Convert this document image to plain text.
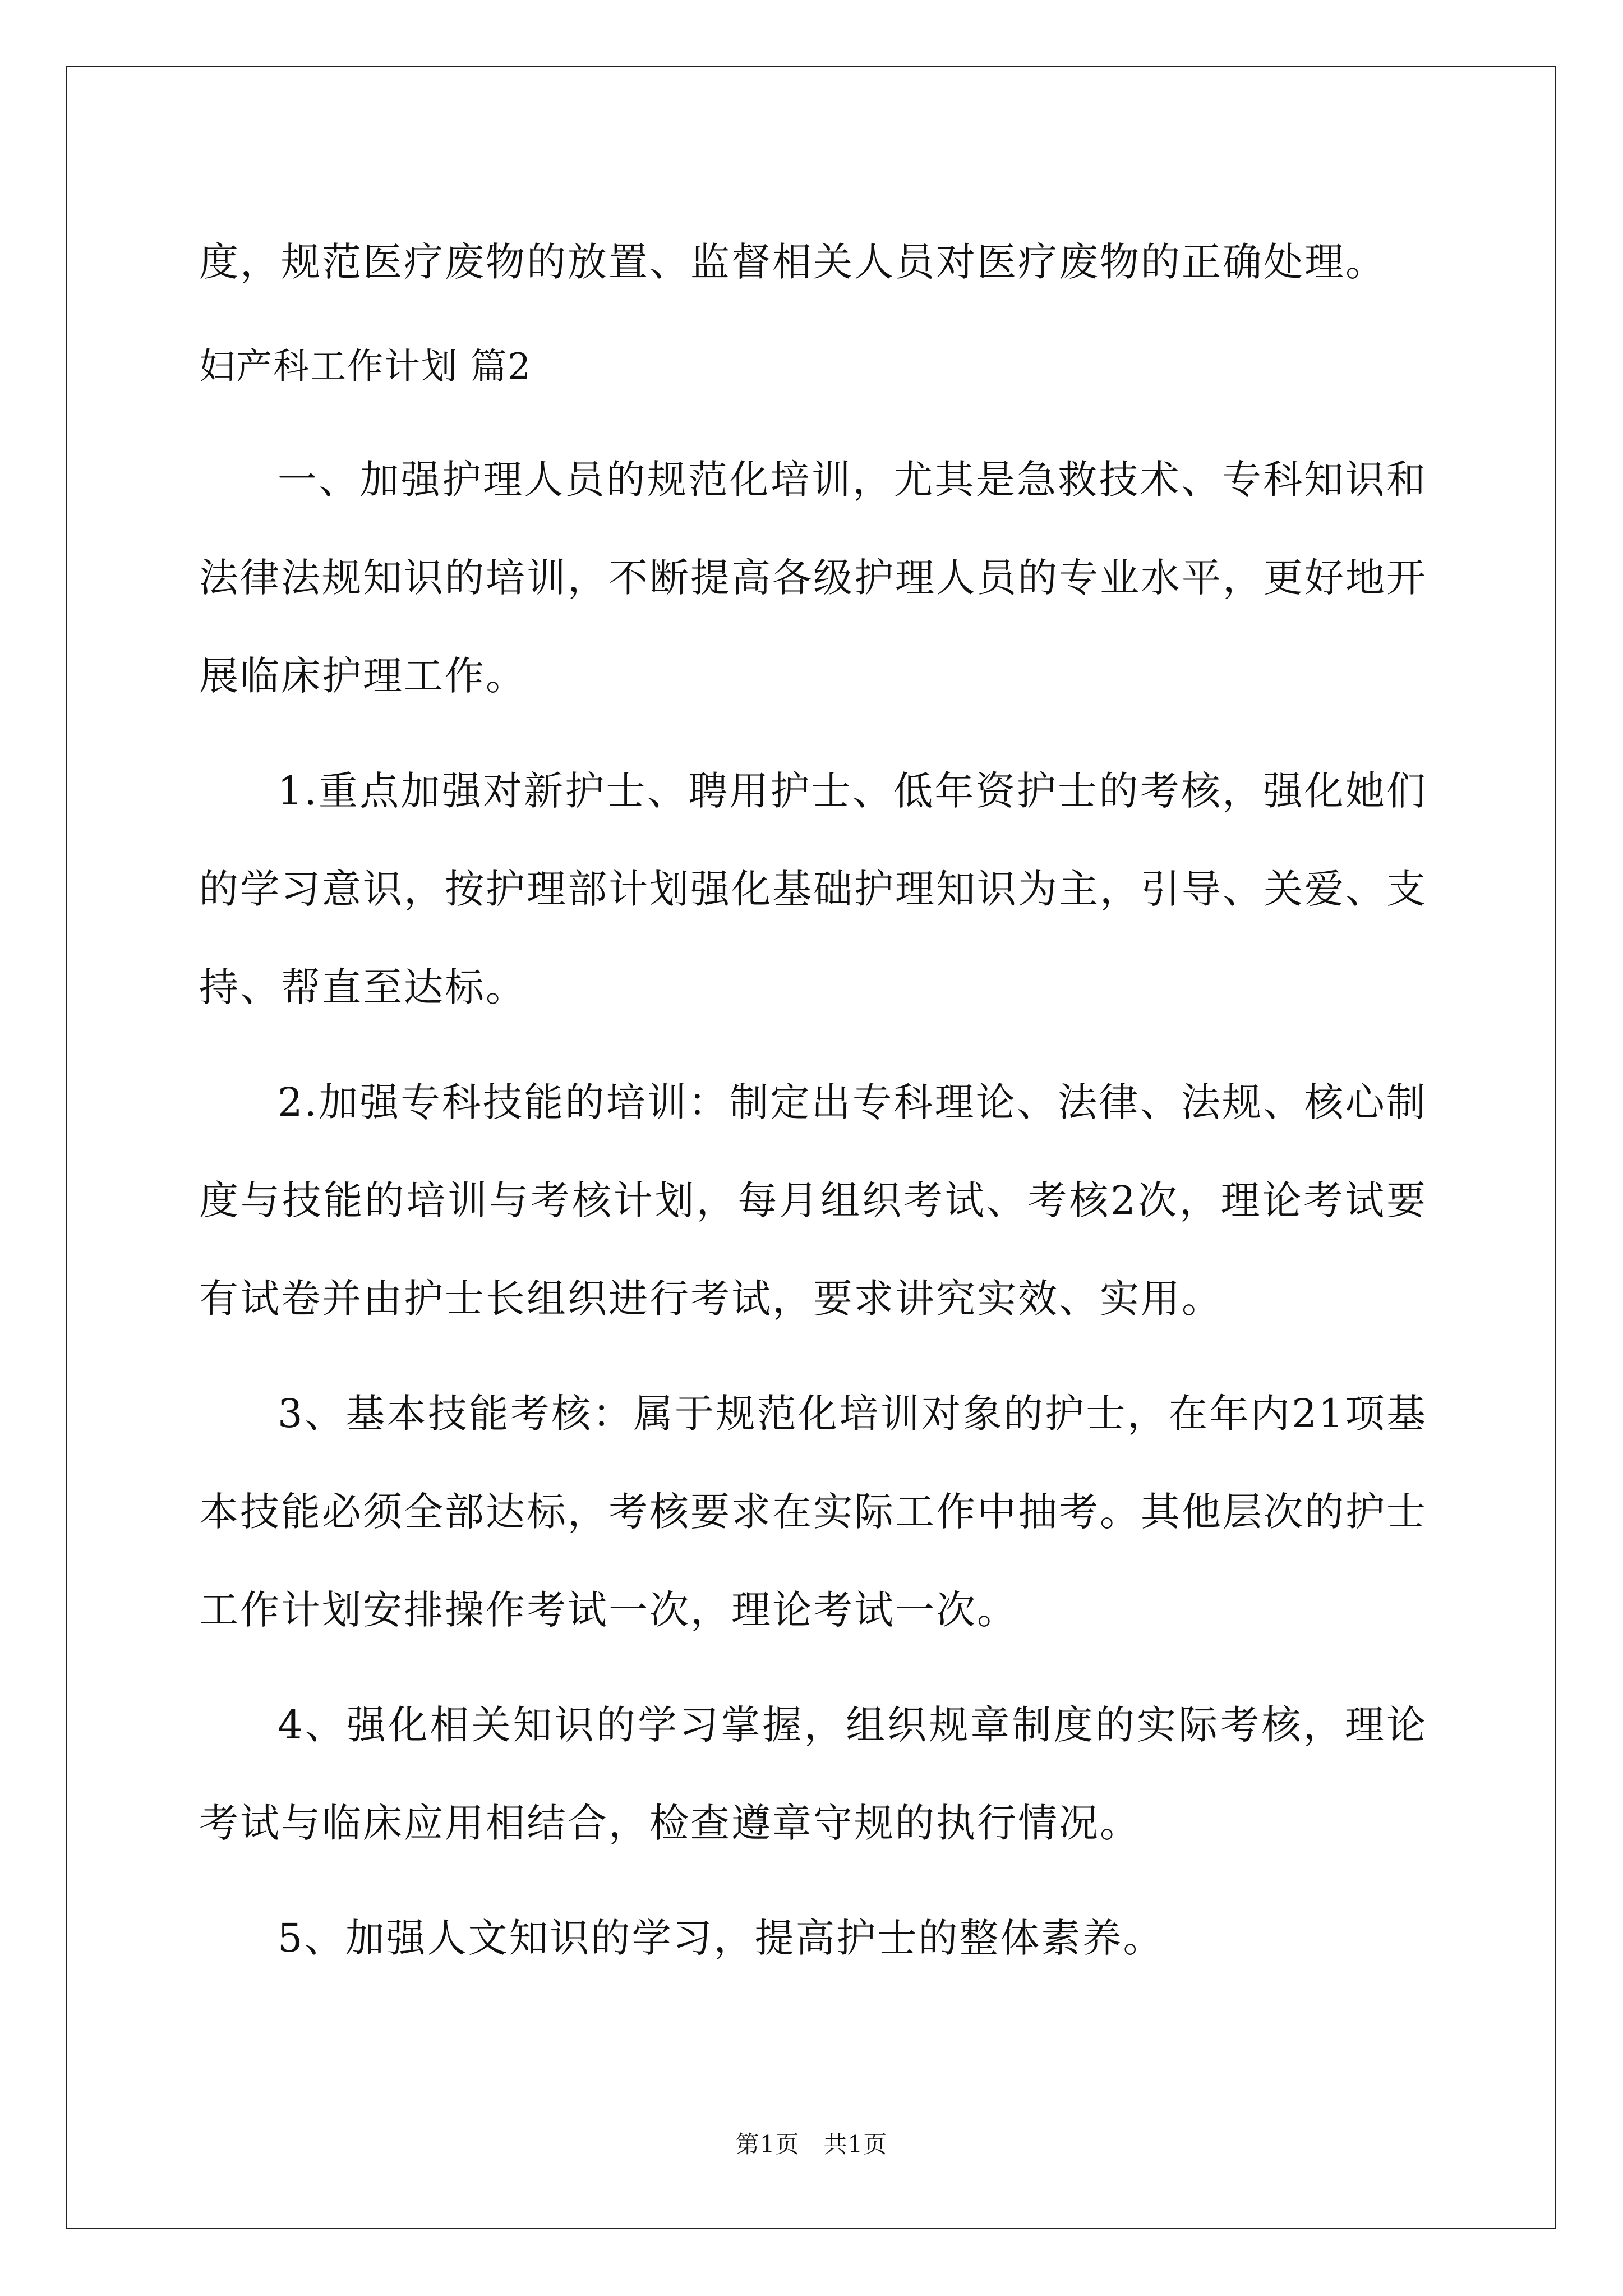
度，规范医疗废物的放置、监督相关人员对医疗废物的正确处理。

妇产科工作计划 篇2

一、加强护理人员的规范化培训，尤其是急救技术、专科知识和法律法规知识的培训，不断提高各级护理人员的专业水平，更好地开展临床护理工作。

1.重点加强对新护士、聘用护士、低年资护士的考核，强化她们的学习意识，按护理部计划强化基础护理知识为主，引导、关爱、支持、帮直至达标。

2.加强专科技能的培训：制定出专科理论、法律、法规、核心制度与技能的培训与考核计划，每月组织考试、考核2次，理论考试要有试卷并由护士长组织进行考试，要求讲究实效、实用。

3、基本技能考核：属于规范化培训对象的护士，在年内21项基本技能必须全部达标，考核要求在实际工作中抽考。其他层次的护士工作计划安排操作考试一次，理论考试一次。

4、强化相关知识的学习掌握，组织规章制度的实际考核，理论考试与临床应用相结合，检查遵章守规的执行情况。

5、加强人文知识的学习，提高护士的整体素养。

第1页　共1页
